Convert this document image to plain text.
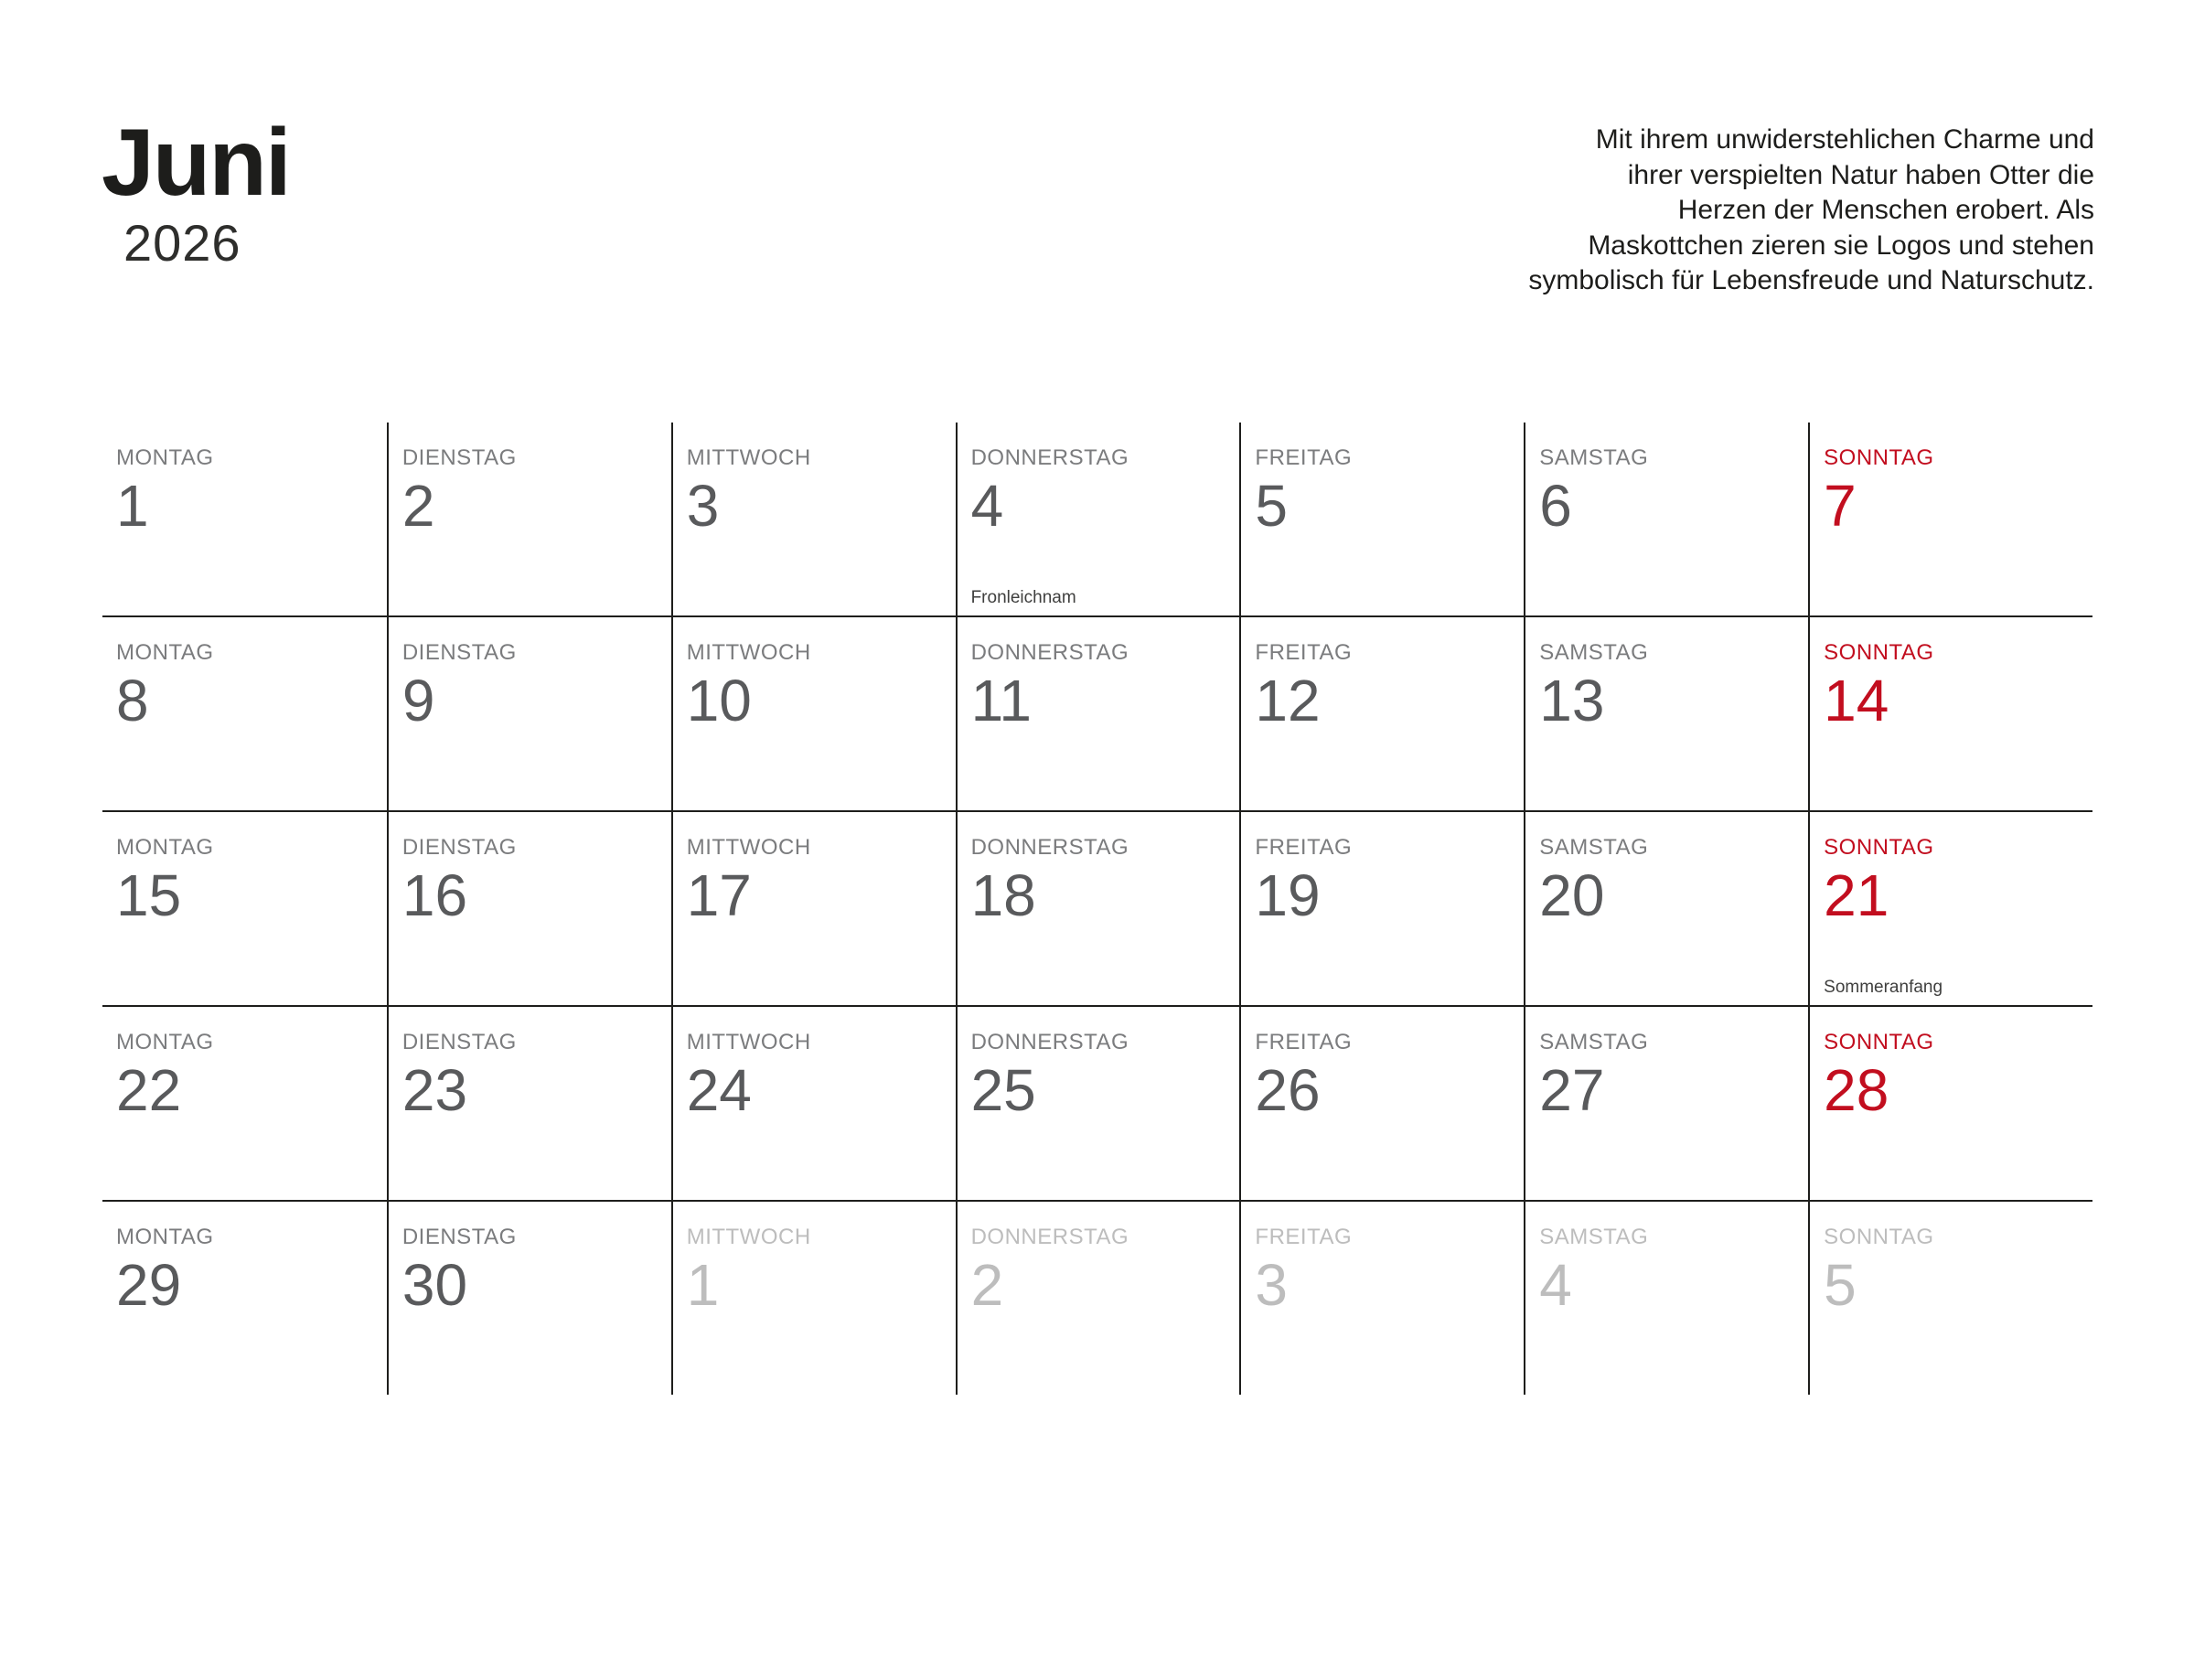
Juni
2026
Mit ihrem unwiderstehlichen Charme und
ihrer verspielten Natur haben Otter die
Herzen der Menschen erobert. Als
Maskottchen zieren sie Logos und stehen
symbolisch für Lebensfreude und Naturschutz.
MONTAG
1
DIENSTAG
2
MITTWOCH
3
DONNERSTAG
4
Fronleichnam
FREITAG
5
SAMSTAG
6
SONNTAG
7
MONTAG
8
DIENSTAG
9
MITTWOCH
10
DONNERSTAG
11
FREITAG
12
SAMSTAG
13
SONNTAG
14
MONTAG
15
DIENSTAG
16
MITTWOCH
17
DONNERSTAG
18
FREITAG
19
SAMSTAG
20
SONNTAG
21
Sommeranfang
MONTAG
22
DIENSTAG
23
MITTWOCH
24
DONNERSTAG
25
FREITAG
26
SAMSTAG
27
SONNTAG
28
MONTAG
29
DIENSTAG
30
MITTWOCH
1
DONNERSTAG
2
FREITAG
3
SAMSTAG
4
SONNTAG
5
